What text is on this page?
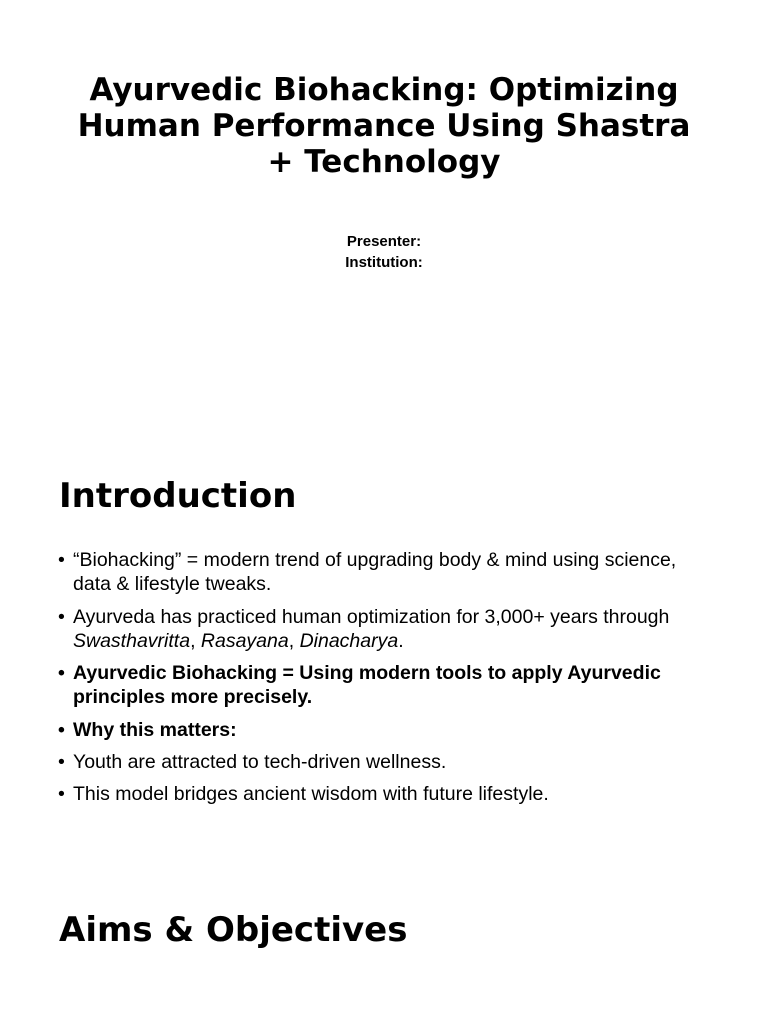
Ayurvedic Biohacking: Optimizing Human Performance Using Shastra + Technology
Presenter:
Institution:
Introduction
• “Biohacking” = modern trend of upgrading body & mind using science, data & lifestyle tweaks.
• Ayurveda has practiced human optimization for 3,000+ years through Swasthavritta, Rasayana, Dinacharya.
• Ayurvedic Biohacking = Using modern tools to apply Ayurvedic principles more precisely.
• Why this matters:
• Youth are attracted to tech-driven wellness.
• This model bridges ancient wisdom with future lifestyle.
Aims & Objectives
